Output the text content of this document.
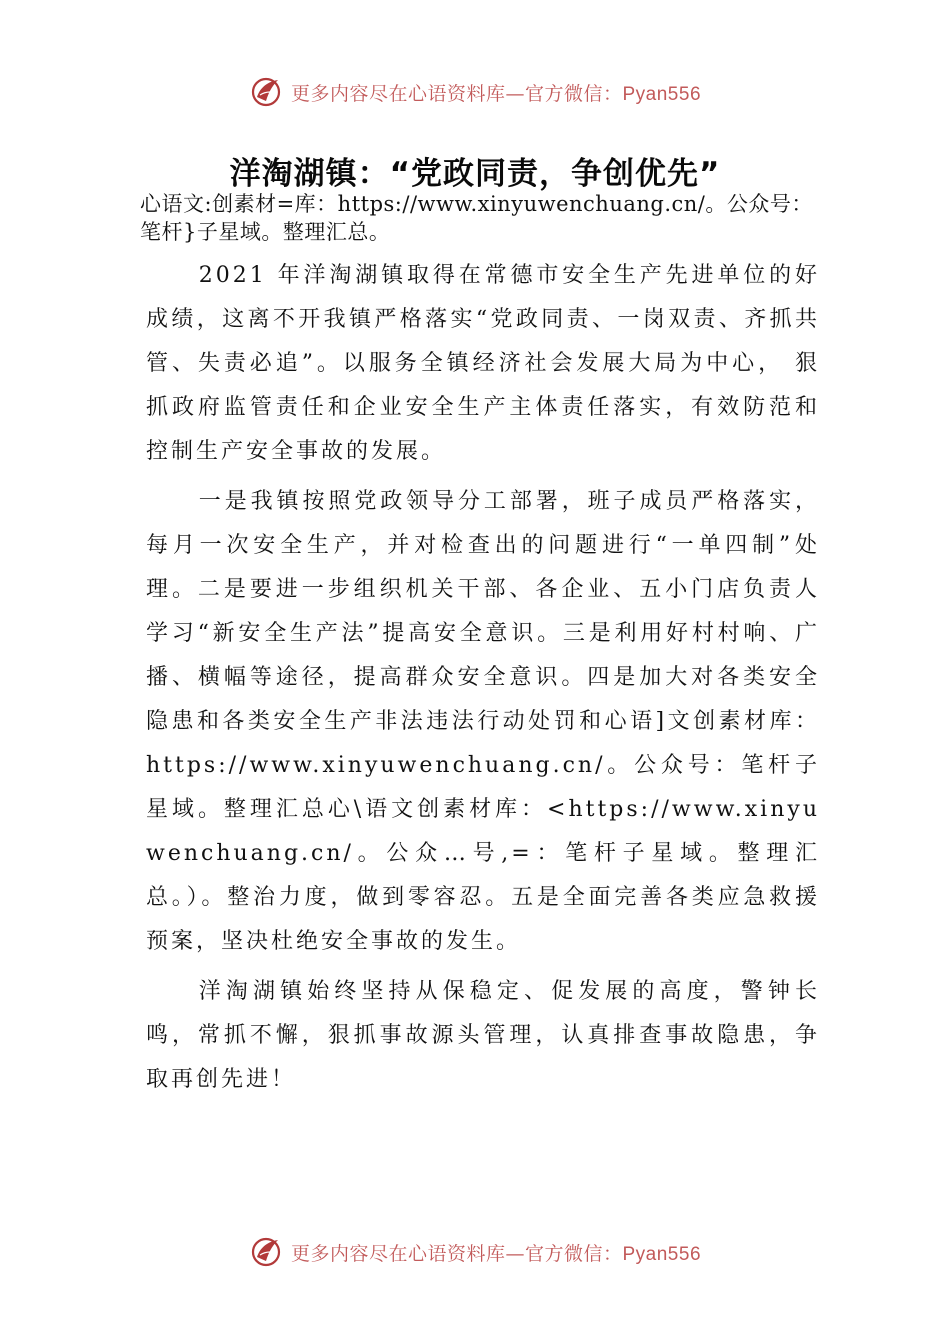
更多内容尽在心语资料库—官方微信：Pyan556
洋淘湖镇：“党政同责，争创优先”

心语文:创素材=库：https://www.xinyuwenchuang.cn/。公众号：笔杆}子星域。整理汇总。

2021 年洋淘湖镇取得在常德市安全生产先进单位的好成绩，这离不开我镇严格落实“党政同责、一岗双责、齐抓共管、失责必追”。以服务全镇经济社会发展大局为中心， 狠抓政府监管责任和企业安全生产主体责任落实，有效防范和控制生产安全事故的发展。

一是我镇按照党政领导分工部署，班子成员严格落实，每月一次安全生产，并对检查出的问题进行“一单四制”处理。二是要进一步组织机关干部、各企业、五小门店负责人学习“新安全生产法”提高安全意识。三是利用好村村响、广播、横幅等途径，提高群众安全意识。四是加大对各类安全隐患和各类安全生产非法违法行动处罚和心语]文创素材库：https://www.xinyuwenchuang.cn/。公众号：笔杆子星域。整理汇总心\语文创素材库：<https://www.xinyuwenchuang.cn/。公众…号,=：笔杆子星域。整理汇总。）。整治力度，做到零容忍。五是全面完善各类应急救援预案，坚决杜绝安全事故的发生。

洋淘湖镇始终坚持从保稳定、促发展的高度，警钟长鸣，常抓不懈，狠抓事故源头管理，认真排查事故隐患，争取再创先进！

更多内容尽在心语资料库—官方微信：Pyan556
